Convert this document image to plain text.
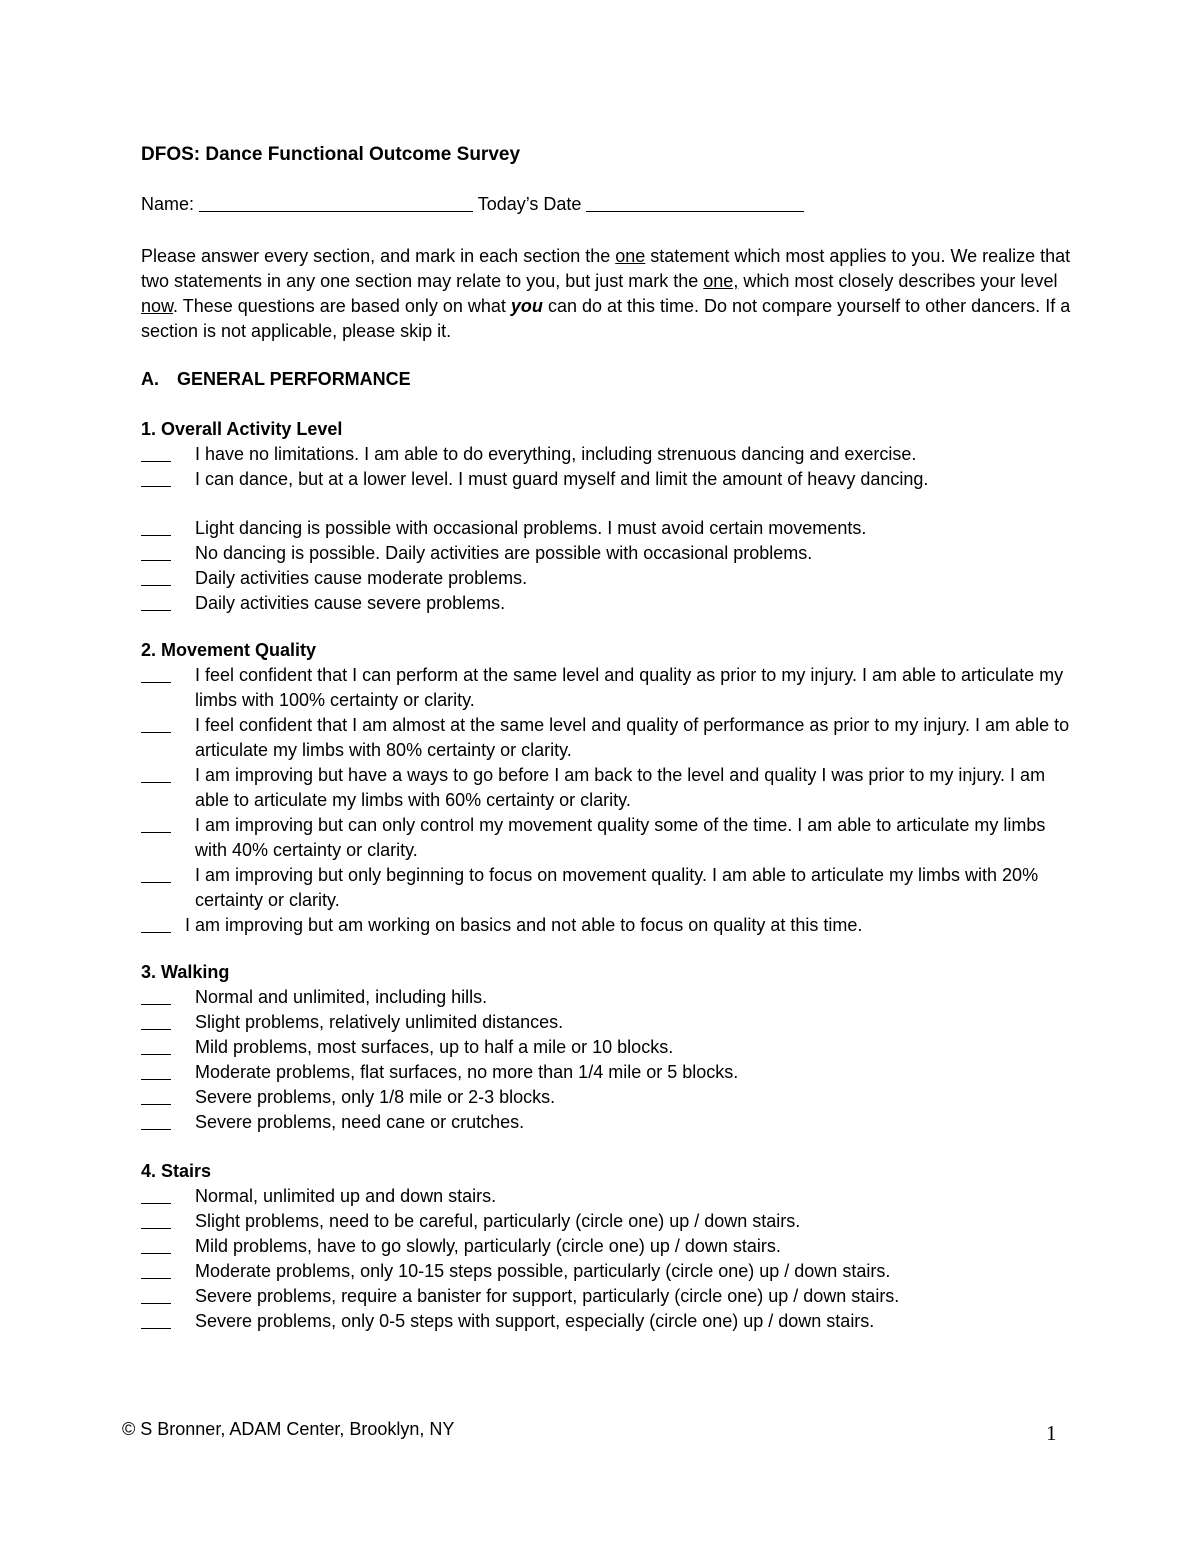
DFOS: Dance Functional Outcome Survey
Name:	Today’s Date
Please answer every section, and mark in each section the one statement which most applies to you. We realize that two statements in any one section may relate to you, but just mark the one, which most closely describes your level now. These questions are based only on what you can do at this time. Do not compare yourself to other dancers. If a section is not applicable, please skip it.
A. GENERAL PERFORMANCE
1. Overall Activity Level
I have no limitations. I am able to do everything, including strenuous dancing and exercise.
I can dance, but at a lower level. I must guard myself and limit the amount of heavy dancing.
Light dancing is possible with occasional problems. I must avoid certain movements.
No dancing is possible. Daily activities are possible with occasional problems.
Daily activities cause moderate problems.
Daily activities cause severe problems.
2. Movement Quality
I feel confident that I can perform at the same level and quality as prior to my injury. I am able to articulate my limbs with 100% certainty or clarity.
I feel confident that I am almost at the same level and quality of performance as prior to my injury. I am able to articulate my limbs with 80% certainty or clarity.
I am improving but have a ways to go before I am back to the level and quality I was prior to my injury. I am able to articulate my limbs with 60% certainty or clarity.
I am improving but can only control my movement quality some of the time. I am able to articulate my limbs with 40% certainty or clarity.
I am improving but only beginning to focus on movement quality. I am able to articulate my limbs with 20% certainty or clarity.
I am improving but am working on basics and not able to focus on quality at this time.
3. Walking
Normal and unlimited, including hills.
Slight problems, relatively unlimited distances.
Mild problems, most surfaces, up to half a mile or 10 blocks.
Moderate problems, flat surfaces, no more than 1/4 mile or 5 blocks.
Severe problems, only 1/8 mile or 2-3 blocks.
Severe problems, need cane or crutches.
4. Stairs
Normal, unlimited up and down stairs.
Slight problems, need to be careful, particularly (circle one) up / down stairs.
Mild problems, have to go slowly, particularly (circle one) up / down stairs.
Moderate problems, only 10-15 steps possible, particularly (circle one) up / down stairs.
Severe problems, require a banister for support, particularly (circle one) up / down stairs.
Severe problems, only 0-5 steps with support, especially (circle one) up / down stairs.
© S Bronner, ADAM Center, Brooklyn, NY	1
